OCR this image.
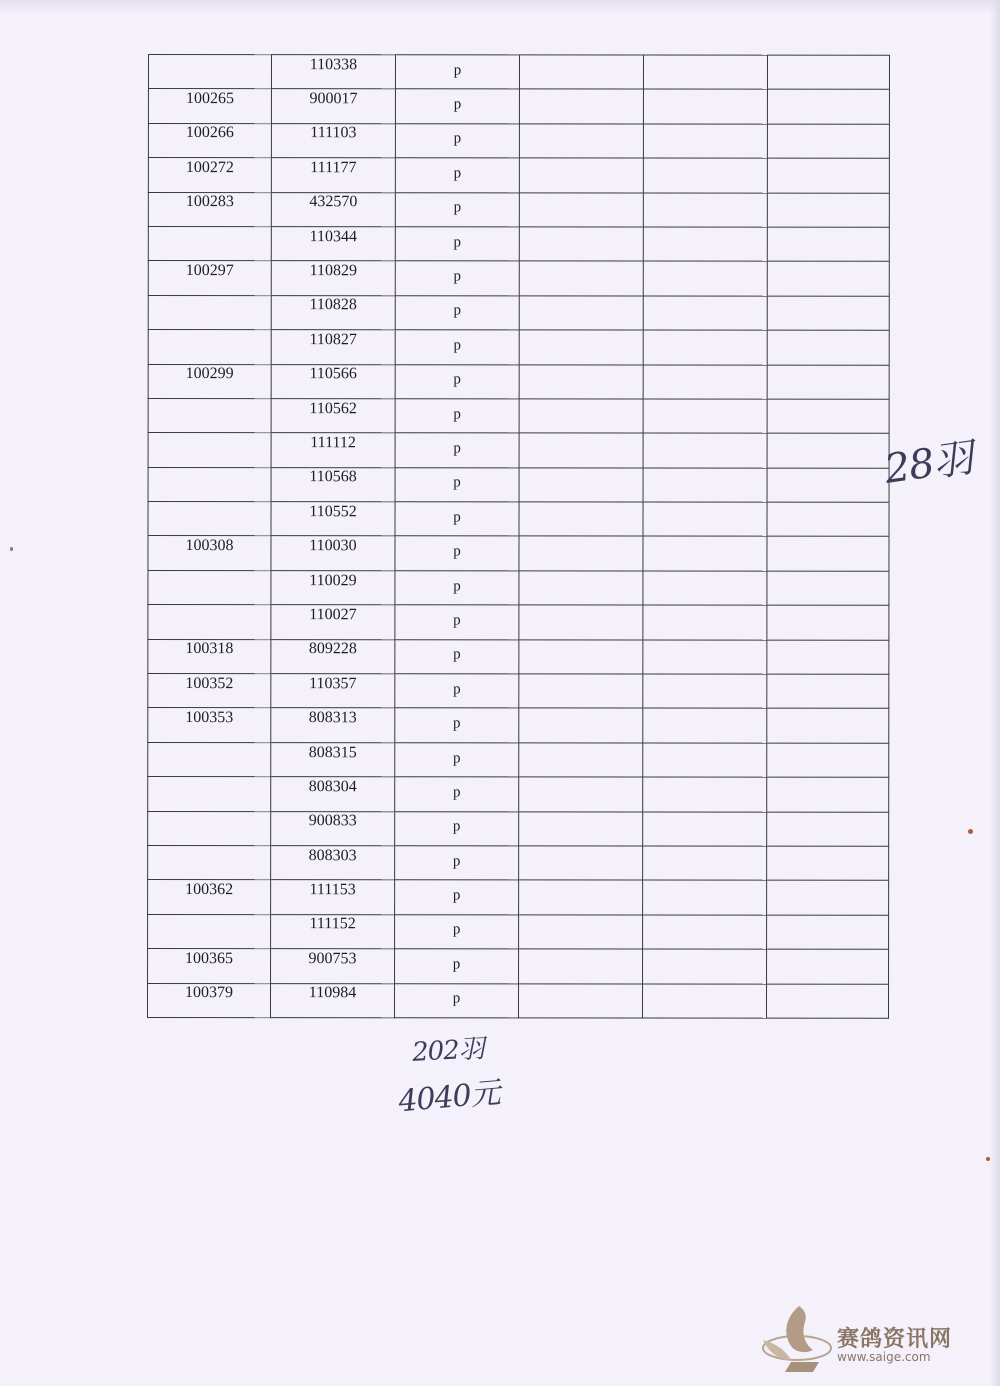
	110338	p			
100265	900017	p			
100266	111103	p			
100272	111177	p			
100283	432570	p			
	110344	p			
100297	110829	p			
	110828	p			
	110827	p			
100299	110566	p			
	110562	p			
	111112	p			
	110568	p			
	110552	p			
100308	110030	p			
	110029	p			
	110027	p			
100318	809228	p			
100352	110357	p			
100353	808313	p			
	808315	p			
	808304	p			
	900833	p			
	808303	p			
100362	111153	p			
	111152	p			
100365	900753	p			
100379	110984	p			
28羽
202羽
4040元
赛鸽资讯网
www.saige.com
